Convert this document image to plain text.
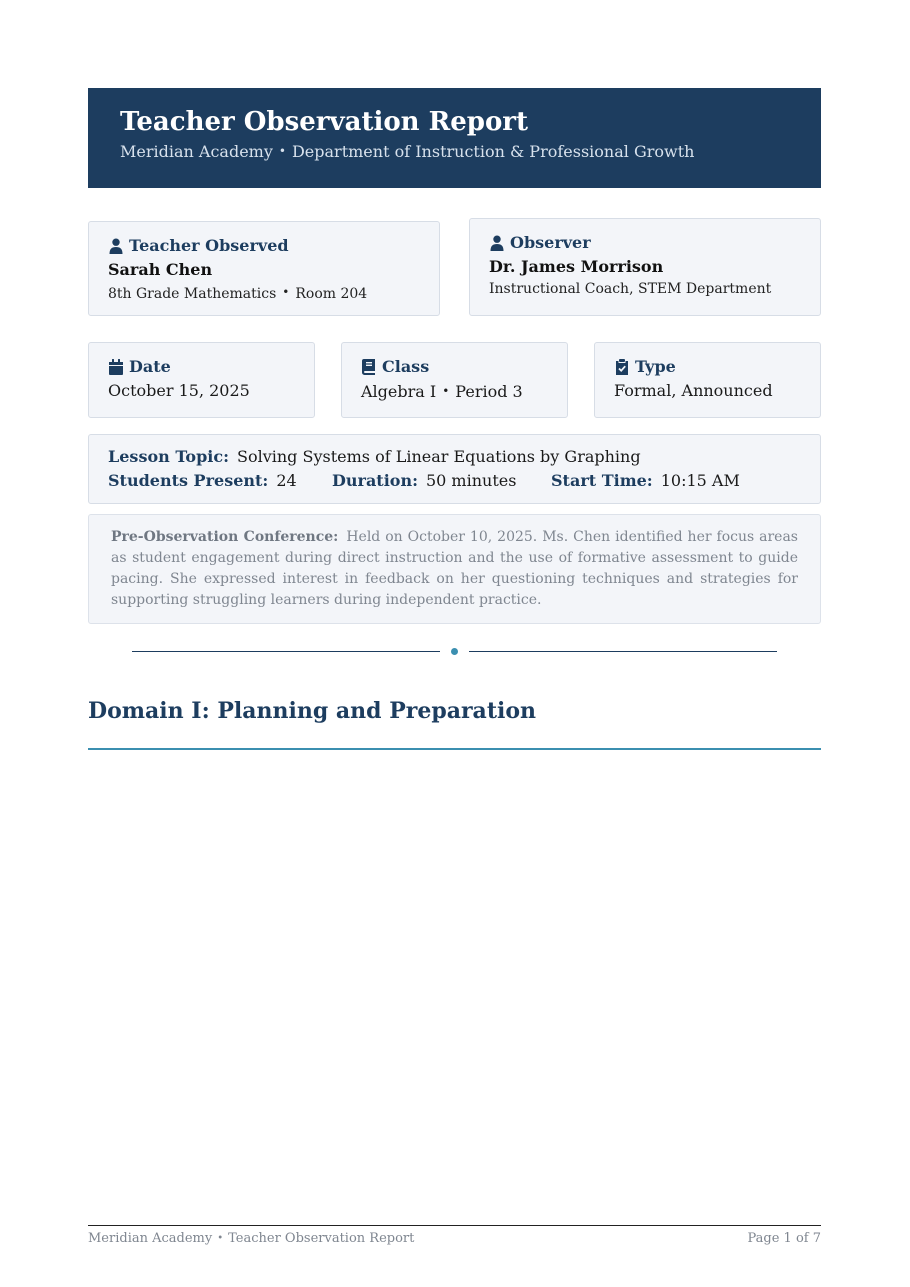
Teacher Observation Report
Meridian Academy • Department of Instruction & Professional Growth
Teacher Observed
Sarah Chen
8th Grade Mathematics • Room 204
Observer
Dr. James Morrison
Instructional Coach, STEM Department
Date
October 15, 2025
Class
Algebra I • Period 3
Type
Formal, Announced
Lesson Topic: Solving Systems of Linear Equations by Graphing
Students Present: 24 Duration: 50 minutes Start Time: 10:15 AM
Pre-Observation Conference: Held on October 10, 2025. Ms. Chen identified her focus areas as student engagement during direct instruction and the use of formative assessment to guide pacing. She expressed interest in feedback on her questioning techniques and strategies for supporting struggling learners during independent practice.
Domain I: Planning and Preparation
Meridian Academy • Teacher Observation Report	Page 1 of 7
